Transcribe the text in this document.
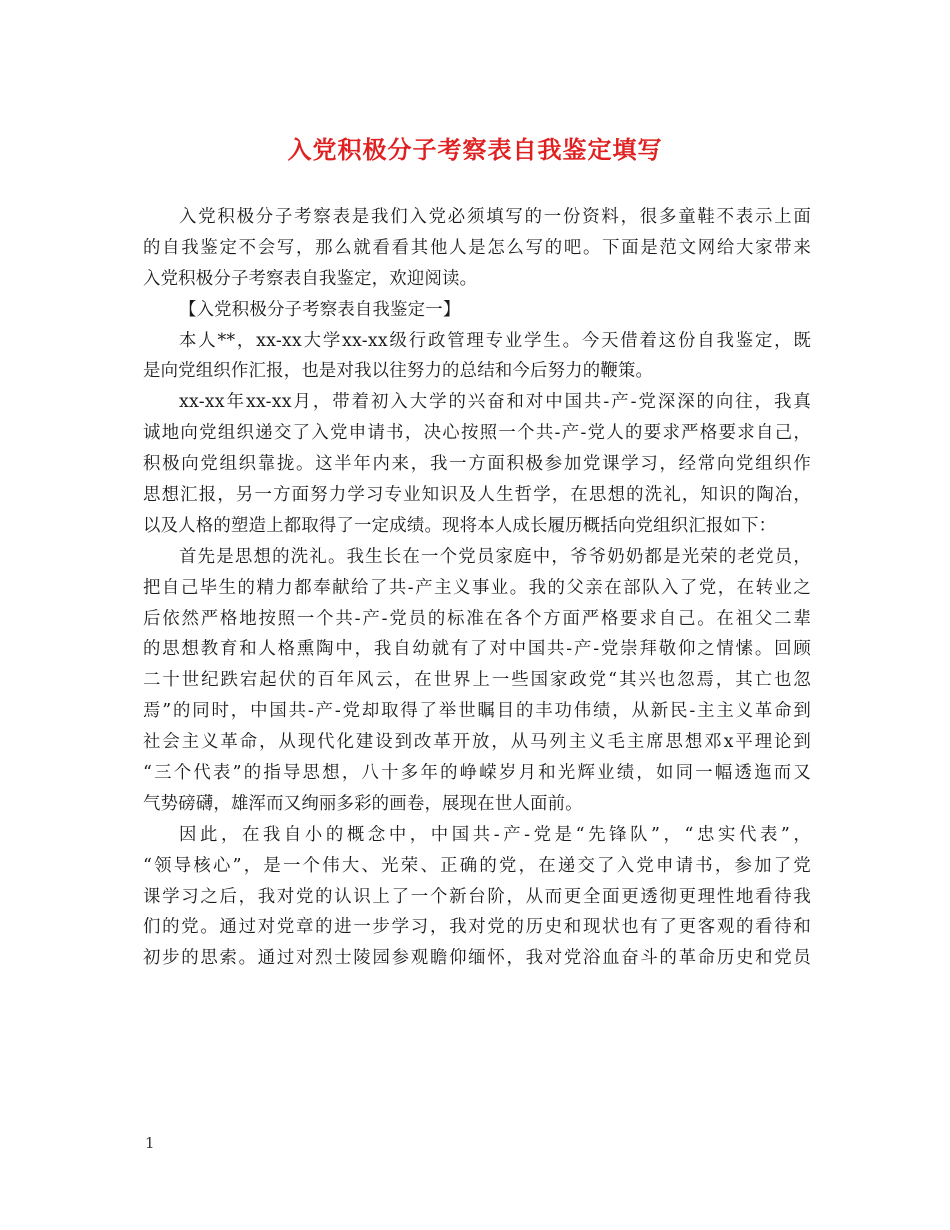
入党积极分子考察表自我鉴定填写
入党积极分子考察表是我们入党必须填写的一份资料，很多童鞋不表示上面
的自我鉴定不会写，那么就看看其他人是怎么写的吧。下面是范文网给大家带来
入党积极分子考察表自我鉴定，欢迎阅读。
【入党积极分子考察表自我鉴定一】
本人**，xx-xx大学xx-xx级行政管理专业学生。今天借着这份自我鉴定，既
是向党组织作汇报，也是对我以往努力的总结和今后努力的鞭策。
xx-xx年xx-xx月，带着初入大学的兴奋和对中国共-产-党深深的向往，我真
诚地向党组织递交了入党申请书，决心按照一个共-产-党人的要求严格要求自己，
积极向党组织靠拢。这半年内来，我一方面积极参加党课学习，经常向党组织作
思想汇报，另一方面努力学习专业知识及人生哲学，在思想的洗礼，知识的陶冶，
以及人格的塑造上都取得了一定成绩。现将本人成长履历概括向党组织汇报如下：
首先是思想的洗礼。我生长在一个党员家庭中，爷爷奶奶都是光荣的老党员，
把自己毕生的精力都奉献给了共-产主义事业。我的父亲在部队入了党，在转业之
后依然严格地按照一个共-产-党员的标准在各个方面严格要求自己。在祖父二辈
的思想教育和人格熏陶中，我自幼就有了对中国共-产-党崇拜敬仰之情愫。回顾
二十世纪跌宕起伏的百年风云，在世界上一些国家政党“其兴也忽焉，其亡也忽
焉”的同时，中国共-产-党却取得了举世瞩目的丰功伟绩，从新民-主主义革命到
社会主义革命，从现代化建设到改革开放，从马列主义毛主席思想邓x平理论到
“三个代表”的指导思想，八十多年的峥嵘岁月和光辉业绩，如同一幅透迤而又
气势磅礴，雄浑而又绚丽多彩的画卷，展现在世人面前。
因此，在我自小的概念中，中国共-产-党是“先锋队”，“忠实代表”，
“领导核心”，是一个伟大、光荣、正确的党，在递交了入党申请书，参加了党
课学习之后，我对党的认识上了一个新台阶，从而更全面更透彻更理性地看待我
们的党。通过对党章的进一步学习，我对党的历史和现状也有了更客观的看待和
初步的思索。通过对烈士陵园参观瞻仰缅怀，我对党浴血奋斗的革命历史和党员
1
